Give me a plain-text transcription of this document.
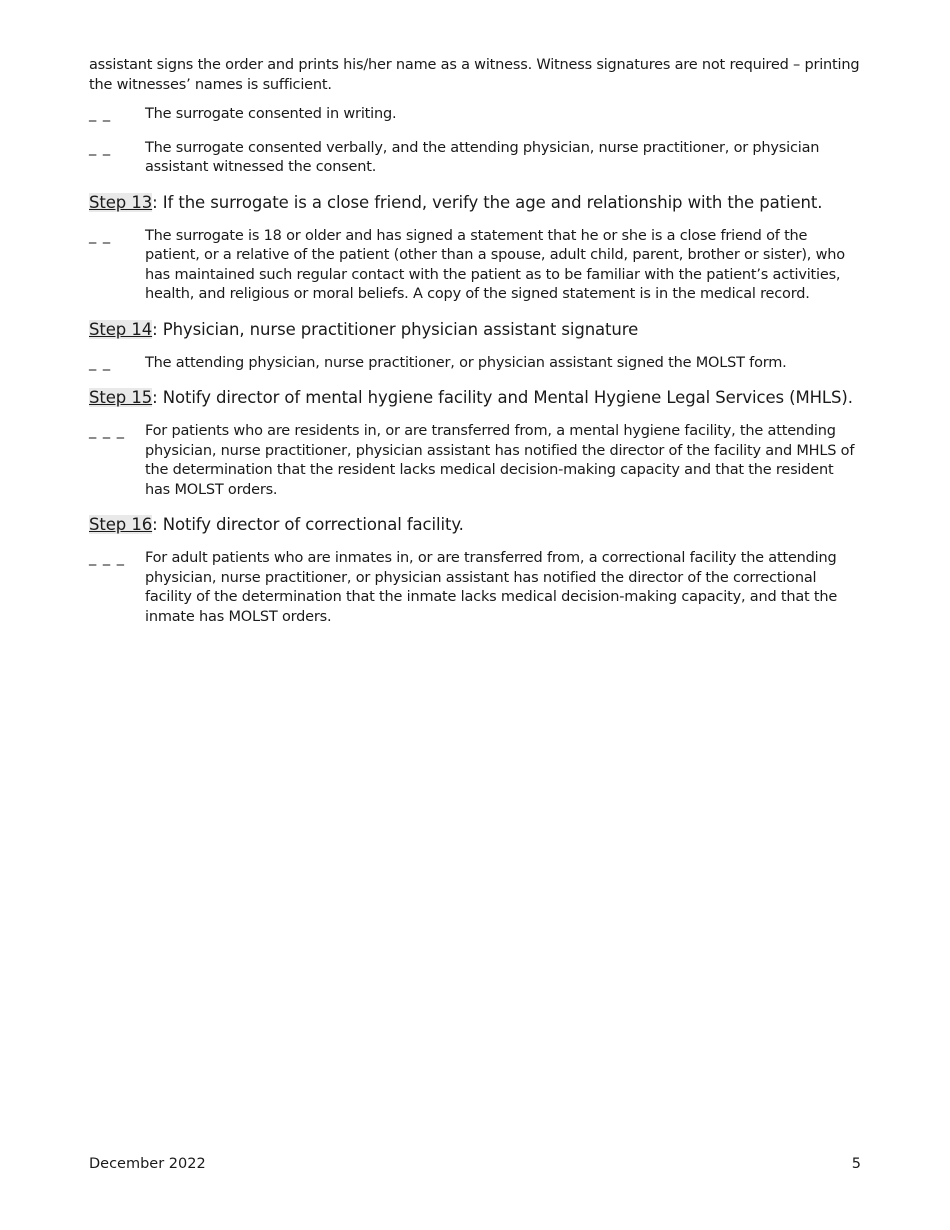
assistant signs the order and prints his/her name as a witness. Witness signatures are not required – printing the witnesses’ names is sufficient.

_ _	The surrogate consented in writing.
_ _	The surrogate consented verbally, and the attending physician, nurse practitioner, or physician assistant witnessed the consent.
Step 13: If the surrogate is a close friend, verify the age and relationship with the patient.
_ _	The surrogate is 18 or older and has signed a statement that he or she is a close friend of the patient, or a relative of the patient (other than a spouse, adult child, parent, brother or sister), who has maintained such regular contact with the patient as to be familiar with the patient’s activities, health, and religious or moral beliefs. A copy of the signed statement is in the medical record.
Step 14: Physician, nurse practitioner physician assistant signature
_ _	The attending physician, nurse practitioner, or physician assistant signed the MOLST form.
Step 15: Notify director of mental hygiene facility and Mental Hygiene Legal Services (MHLS).
_ _ _	For patients who are residents in, or are transferred from, a mental hygiene facility, the attending physician, nurse practitioner, physician assistant has notified the director of the facility and MHLS of the determination that the resident lacks medical decision-making capacity and that the resident has MOLST orders.
Step 16: Notify director of correctional facility.
_ _ _	For adult patients who are inmates in, or are transferred from, a correctional facility the attending physician, nurse practitioner, or physician assistant has notified the director of the correctional facility of the determination that the inmate lacks medical decision-making capacity, and that the inmate has MOLST orders.
December 2022	5
